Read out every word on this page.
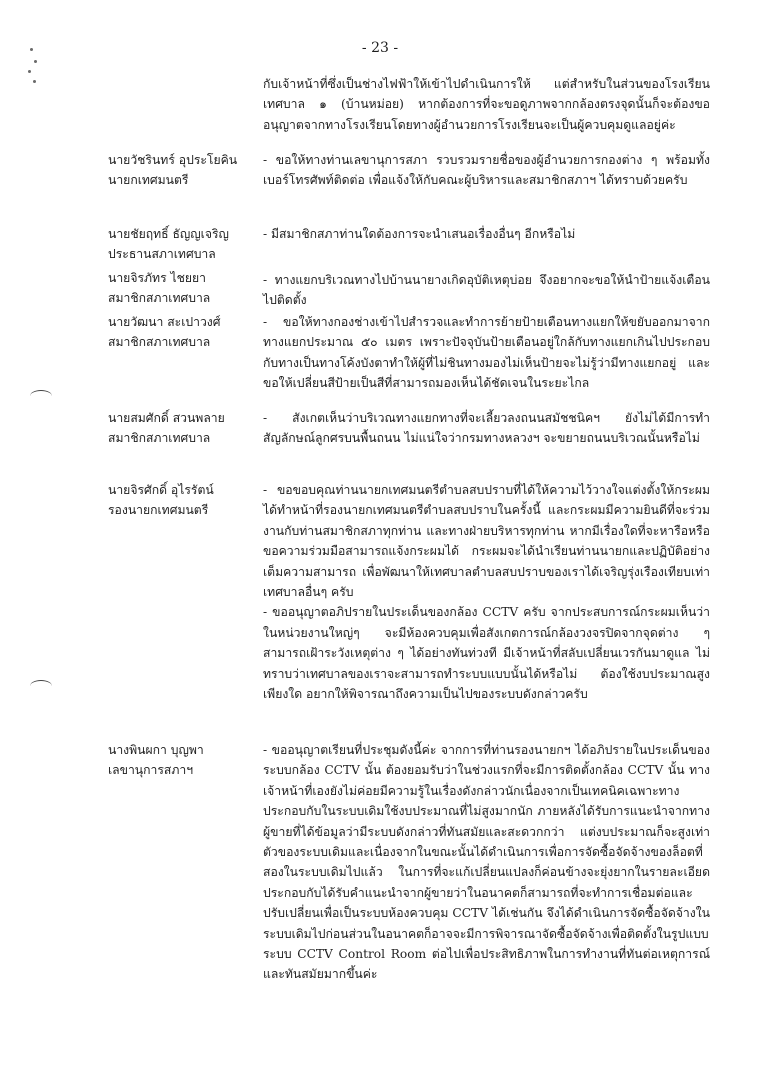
- 23 -
กับเจ้าหน้าที่ซึ่งเป็นช่างไฟฟ้าให้เข้าไปดำเนินการให้ แต่สำหรับในส่วนของโรงเรียนเทศบาล ๑ (บ้านหม่อย) หากต้องการที่จะขอดูภาพจากกล้องตรงจุดนั้นก็จะต้องขออนุญาตจากทางโรงเรียนโดยทางผู้อำนวยการโรงเรียนจะเป็นผู้ควบคุมดูแลอยู่ค่ะ
นายวัชรินทร์ อุประโยคิน
นายกเทศมนตรี
- ขอให้ทางท่านเลขานุการสภา รวบรวมรายชื่อของผู้อำนวยการกองต่าง ๆ พร้อมทั้งเบอร์โทรศัพท์ติดต่อ เพื่อแจ้งให้กับคณะผู้บริหารและสมาชิกสภาฯ ได้ทราบด้วยครับ
นายชัยฤทธิ์ ธัญญเจริญ
ประธานสภาเทศบาล
- มีสมาชิกสภาท่านใดต้องการจะนำเสนอเรื่องอื่นๆ อีกหรือไม่
นายจิรภัทร ไชยยา
สมาชิกสภาเทศบาล
- ทางแยกบริเวณทางไปบ้านนายางเกิดอุบัติเหตุบ่อย จึงอยากจะขอให้นำป้ายแจ้งเตือนไปติดตั้ง
นายวัฒนา สะเปาวงศ์
สมาชิกสภาเทศบาล
- ขอให้ทางกองช่างเข้าไปสำรวจและทำการย้ายป้ายเตือนทางแยกให้ขยับออกมาจากทางแยกประมาณ ๕๐ เมตร เพราะปัจจุบันป้ายเตือนอยู่ใกล้กับทางแยกเกินไปประกอบกับทางเป็นทางโค้งบังตาทำให้ผู้ที่ไม่ชินทางมองไม่เห็นป้ายจะไม่รู้ว่ามีทางแยกอยู่ และขอให้เปลี่ยนสีป้ายเป็นสีที่สามารถมองเห็นได้ชัดเจนในระยะไกล
นายสมศักดิ์ สวนพลาย
สมาชิกสภาเทศบาล
- สังเกตเห็นว่าบริเวณทางแยกทางที่จะเลี้ยวลงถนนสมัชชนิคฯ ยังไม่ได้มีการทำสัญลักษณ์ลูกศรบนพื้นถนน ไม่แน่ใจว่ากรมทางหลวงฯ จะขยายถนนบริเวณนั้นหรือไม่
นายจิรศักดิ์ อุไรรัตน์
รองนายกเทศมนตรี
- ขอขอบคุณท่านนายกเทศมนตรีตำบลสบปราบที่ได้ให้ความไว้วางใจแต่งตั้งให้กระผมได้ทำหน้าที่รองนายกเทศมนตรีตำบลสบปราบในครั้งนี้ และกระผมมีความยินดีที่จะร่วมงานกับท่านสมาชิกสภาทุกท่าน และทางฝ่ายบริหารทุกท่าน หากมีเรื่องใดที่จะหารือหรือขอความร่วมมือสามารถแจ้งกระผมได้ กระผมจะได้นำเรียนท่านนายกและปฏิบัติอย่างเต็มความสามารถ เพื่อพัฒนาให้เทศบาลตำบลสบปราบของเราได้เจริญรุ่งเรืองเทียบเท่าเทศบาลอื่นๆ ครับ
- ขออนุญาตอภิปรายในประเด็นของกล้อง CCTV ครับ จากประสบการณ์กระผมเห็นว่าในหน่วยงานใหญ่ๆ จะมีห้องควบคุมเพื่อสังเกตการณ์กล้องวงจรปิดจากจุดต่าง ๆ สามารถเฝ้าระวังเหตุต่าง ๆ ได้อย่างทันท่วงที มีเจ้าหน้าที่สลับเปลี่ยนเวรกันมาดูแล ไม่ทราบว่าเทศบาลของเราจะสามารถทำระบบแบบนั้นได้หรือไม่ ต้องใช้งบประมาณสูงเพียงใด อยากให้พิจารณาถึงความเป็นไปของระบบดังกล่าวครับ
นางพินผกา บุญพา
เลขานุการสภาฯ
- ขออนุญาตเรียนที่ประชุมดังนี้ค่ะ จากการที่ท่านรองนายกฯ ได้อภิปรายในประเด็นของระบบกล้อง CCTV นั้น ต้องยอมรับว่าในช่วงแรกที่จะมีการติดตั้งกล้อง CCTV นั้น ทางเจ้าหน้าที่เองยังไม่ค่อยมีความรู้ในเรื่องดังกล่าวนักเนื่องจากเป็นเทคนิคเฉพาะทางประกอบกับในระบบเดิมใช้งบประมาณที่ไม่สูงมากนัก ภายหลังได้รับการแนะนำจากทางผู้ขายที่ได้ข้อมูลว่ามีระบบดังกล่าวที่ทันสมัยและสะดวกกว่า แต่งบประมาณก็จะสูงเท่าตัวของระบบเดิมและเนื่องจากในขณะนั้นได้ดำเนินการเพื่อการจัดซื้อจัดจ้างของล็อตที่สองในระบบเดิมไปแล้ว ในการที่จะแก้เปลี่ยนแปลงก็ค่อนข้างจะยุ่งยากในรายละเอียด ประกอบกับได้รับคำแนะนำจากผู้ขายว่าในอนาคตก็สามารถที่จะทำการเชื่อมต่อและปรับเปลี่ยนเพื่อเป็นระบบห้องควบคุม CCTV ได้เช่นกัน จึงได้ดำเนินการจัดซื้อจัดจ้างในระบบเดิมไปก่อนส่วนในอนาคตก็อาจจะมีการพิจารณาจัดซื้อจัดจ้างเพื่อติดตั้งในรูปแบบระบบ CCTV Control Room ต่อไปเพื่อประสิทธิภาพในการทำงานที่ทันต่อเหตุการณ์และทันสมัยมากขึ้นค่ะ
